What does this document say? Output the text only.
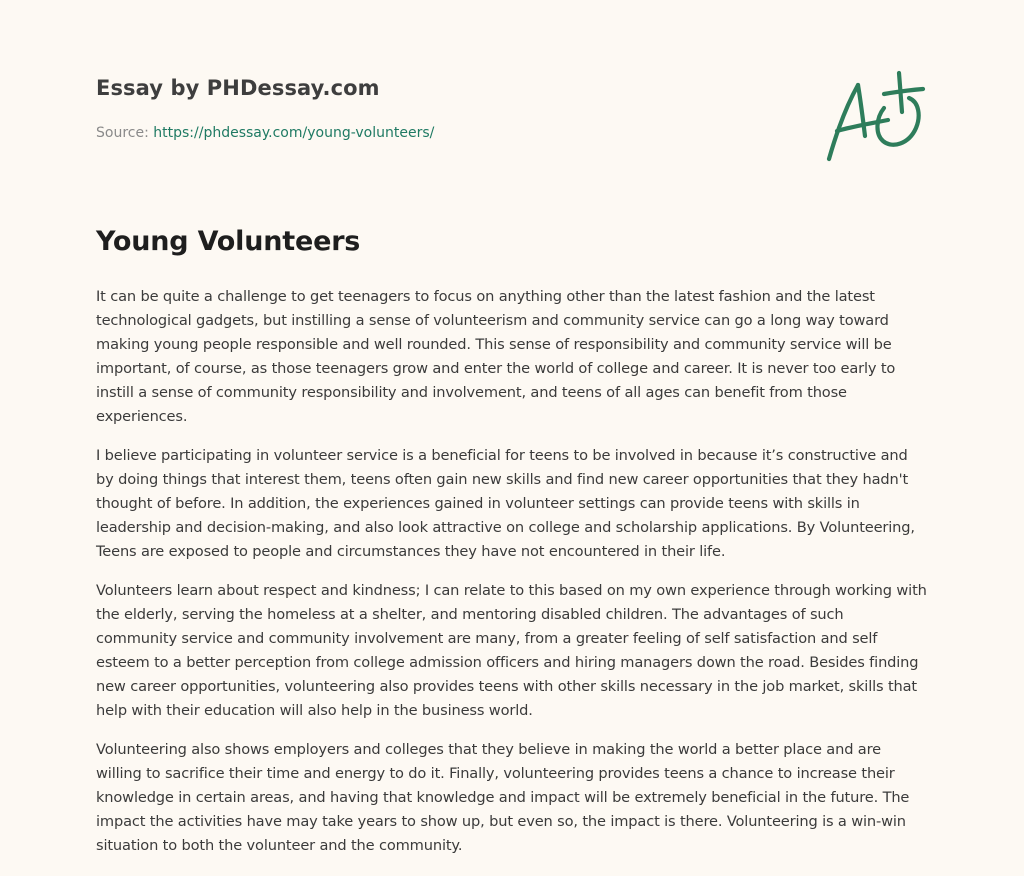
Essay by PHDessay.com
Source: https://phdessay.com/young-volunteers/
Young Volunteers

It can be quite a challenge to get teenagers to focus on anything other than the latest fashion and the latest technological gadgets, but instilling a sense of volunteerism and community service can go a long way toward making young people responsible and well rounded. This sense of responsibility and community service will be important, of course, as those teenagers grow and enter the world of college and career. It is never too early to instill a sense of community responsibility and involvement, and teens of all ages can benefit from those experiences.

I believe participating in volunteer service is a beneficial for teens to be involved in because it’s constructive and by doing things that interest them, teens often gain new skills and find new career opportunities that they hadn't thought of before. In addition, the experiences gained in volunteer settings can provide teens with skills in leadership and decision-making, and also look attractive on college and scholarship applications. By Volunteering, Teens are exposed to people and circumstances they have not encountered in their life.

Volunteers learn about respect and kindness; I can relate to this based on my own experience through working with the elderly, serving the homeless at a shelter, and mentoring disabled children. The advantages of such community service and community involvement are many, from a greater feeling of self satisfaction and self esteem to a better perception from college admission officers and hiring managers down the road. Besides finding new career opportunities, volunteering also provides teens with other skills necessary in the job market, skills that help with their education will also help in the business world.

Volunteering also shows employers and colleges that they believe in making the world a better place and are willing to sacrifice their time and energy to do it. Finally, volunteering provides teens a chance to increase their knowledge in certain areas, and having that knowledge and impact will be extremely beneficial in the future. The impact the activities have may take years to show up, but even so, the impact is there. Volunteering is a win-win situation to both the volunteer and the community.
